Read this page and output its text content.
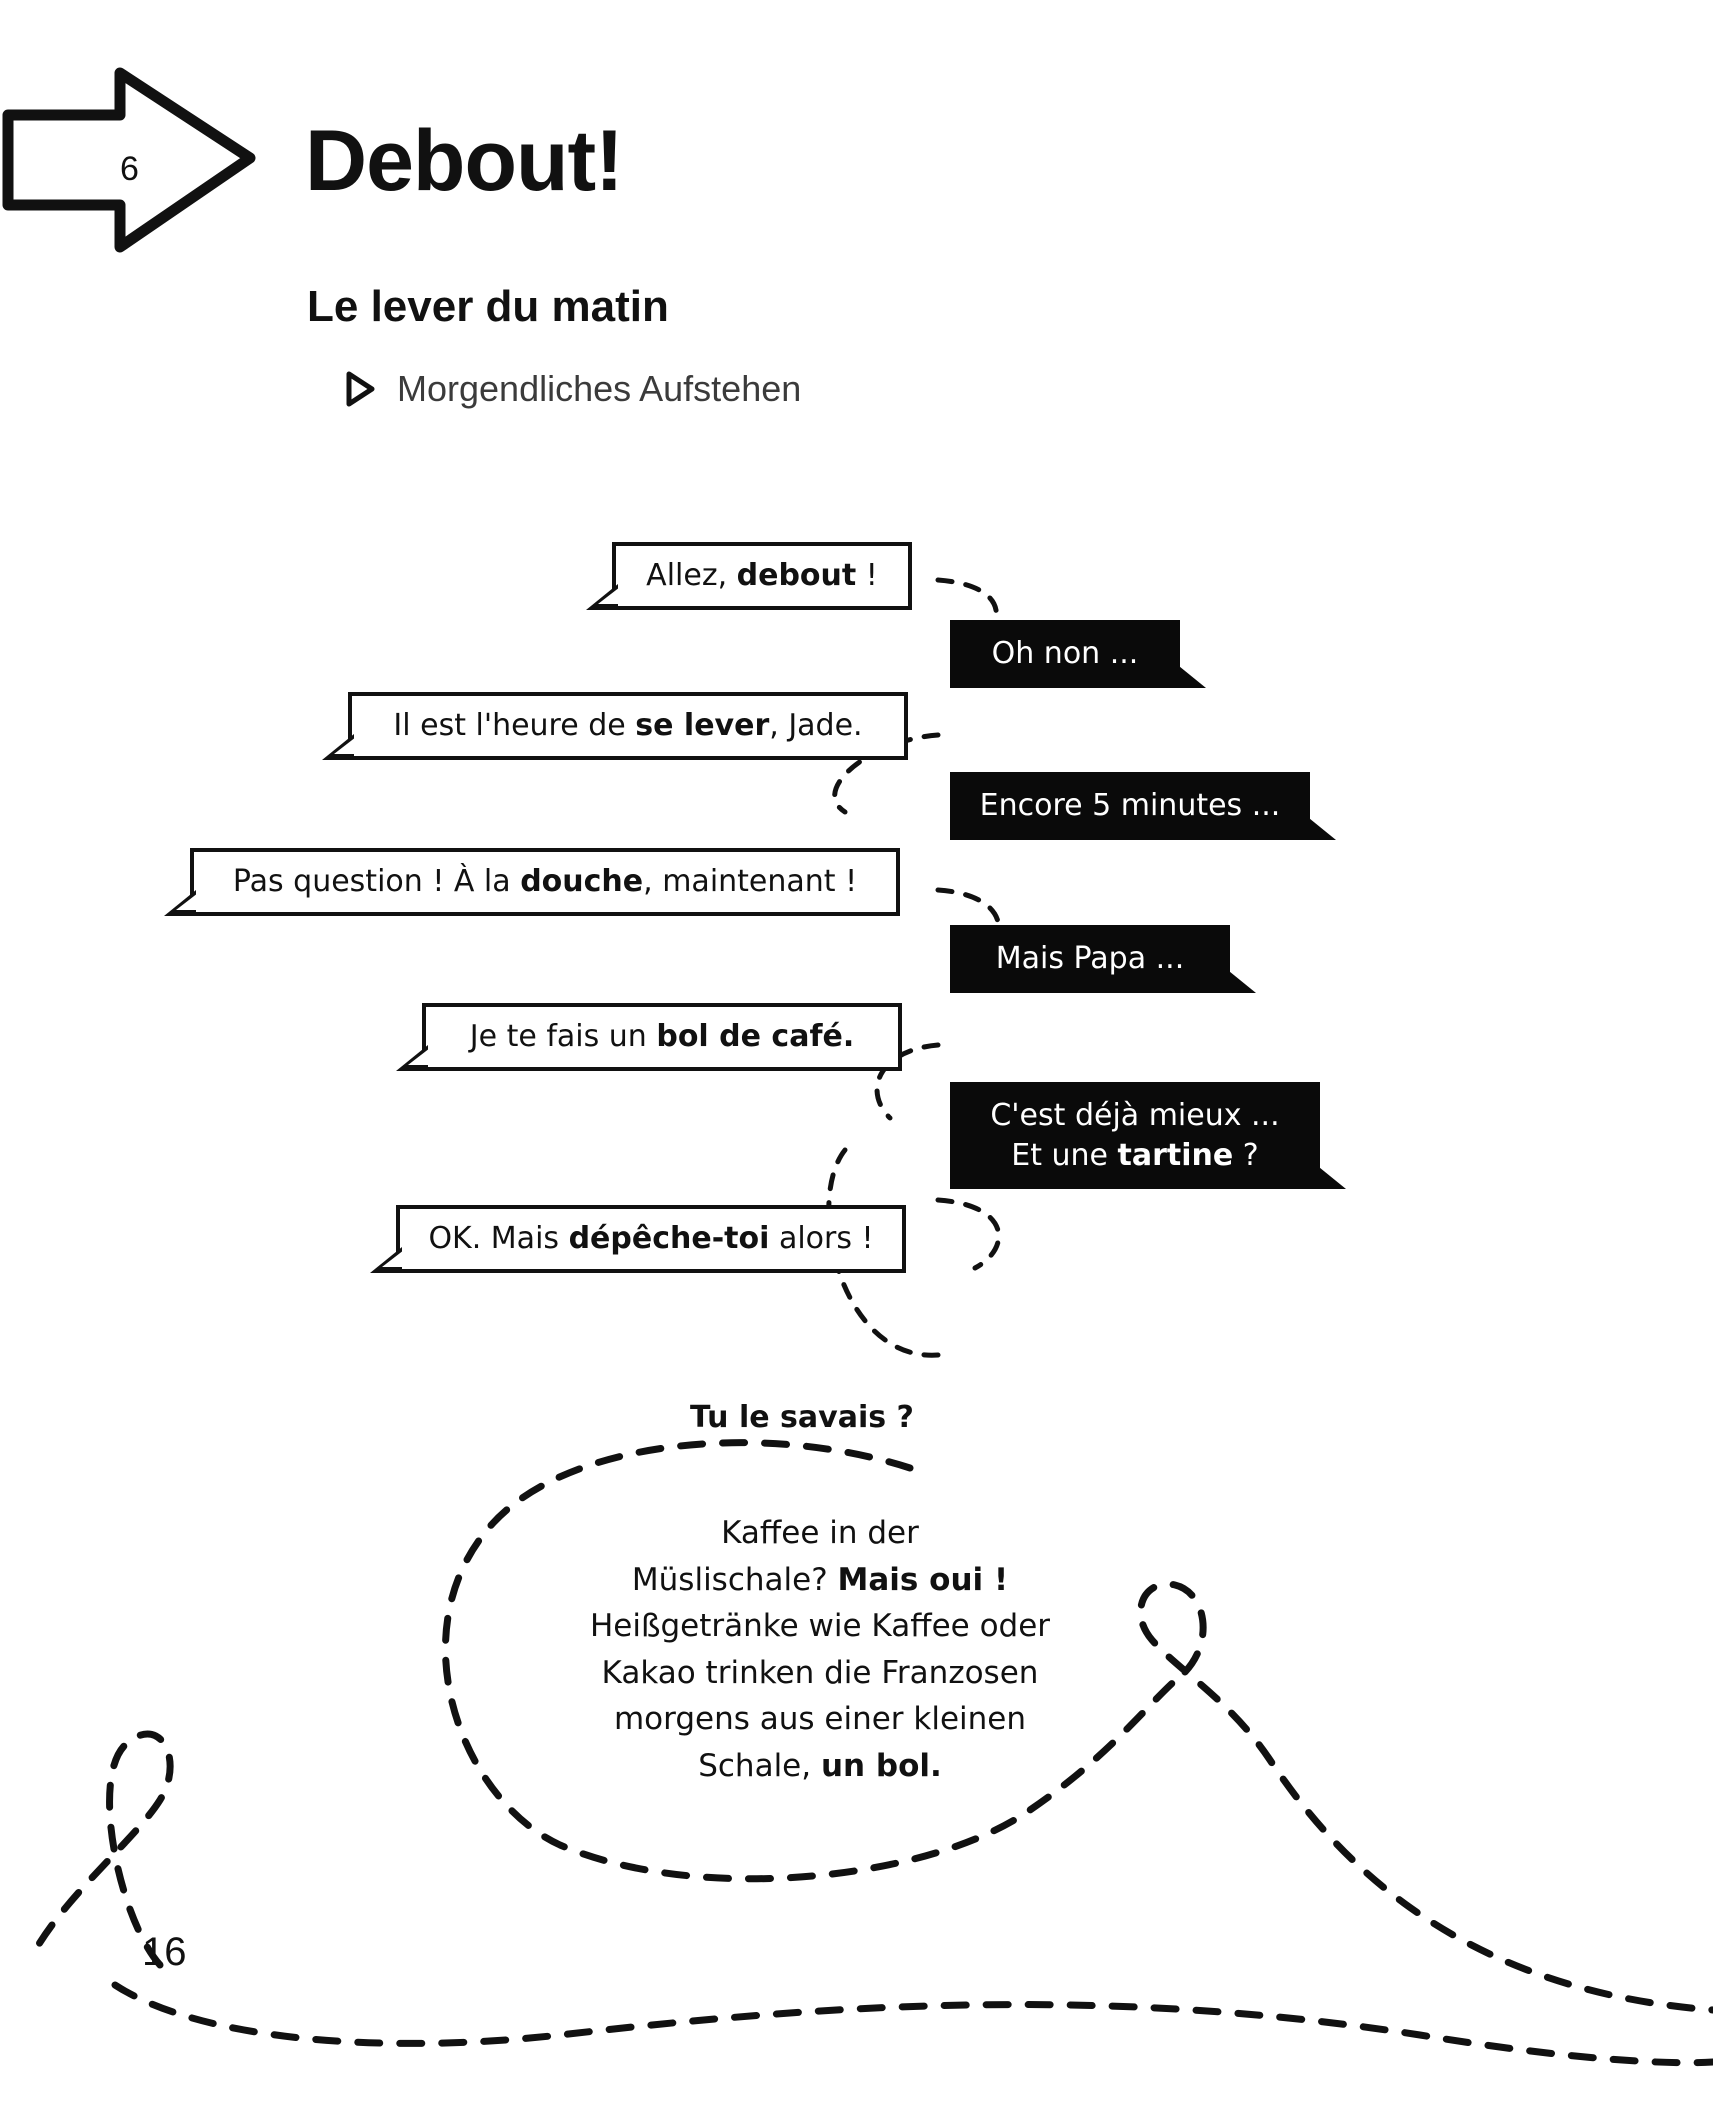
6 Debout!
Le lever du matin
Morgendliches Aufstehen
Allez, debout !
Oh non ...
Il est l'heure de se lever, Jade.
Encore 5 minutes ...
Pas question ! À la douche, maintenant !
Mais Papa ...
Je te fais un bol de café.
C'est déjà mieux ...
Et une tartine ?
OK. Mais dépêche-toi alors !
Tu le savais ?
Kaffee in der
Müslischale? Mais oui !
Heißgetränke wie Kaffee oder
Kakao trinken die Franzosen
morgens aus einer kleinen
Schale, un bol.
16
